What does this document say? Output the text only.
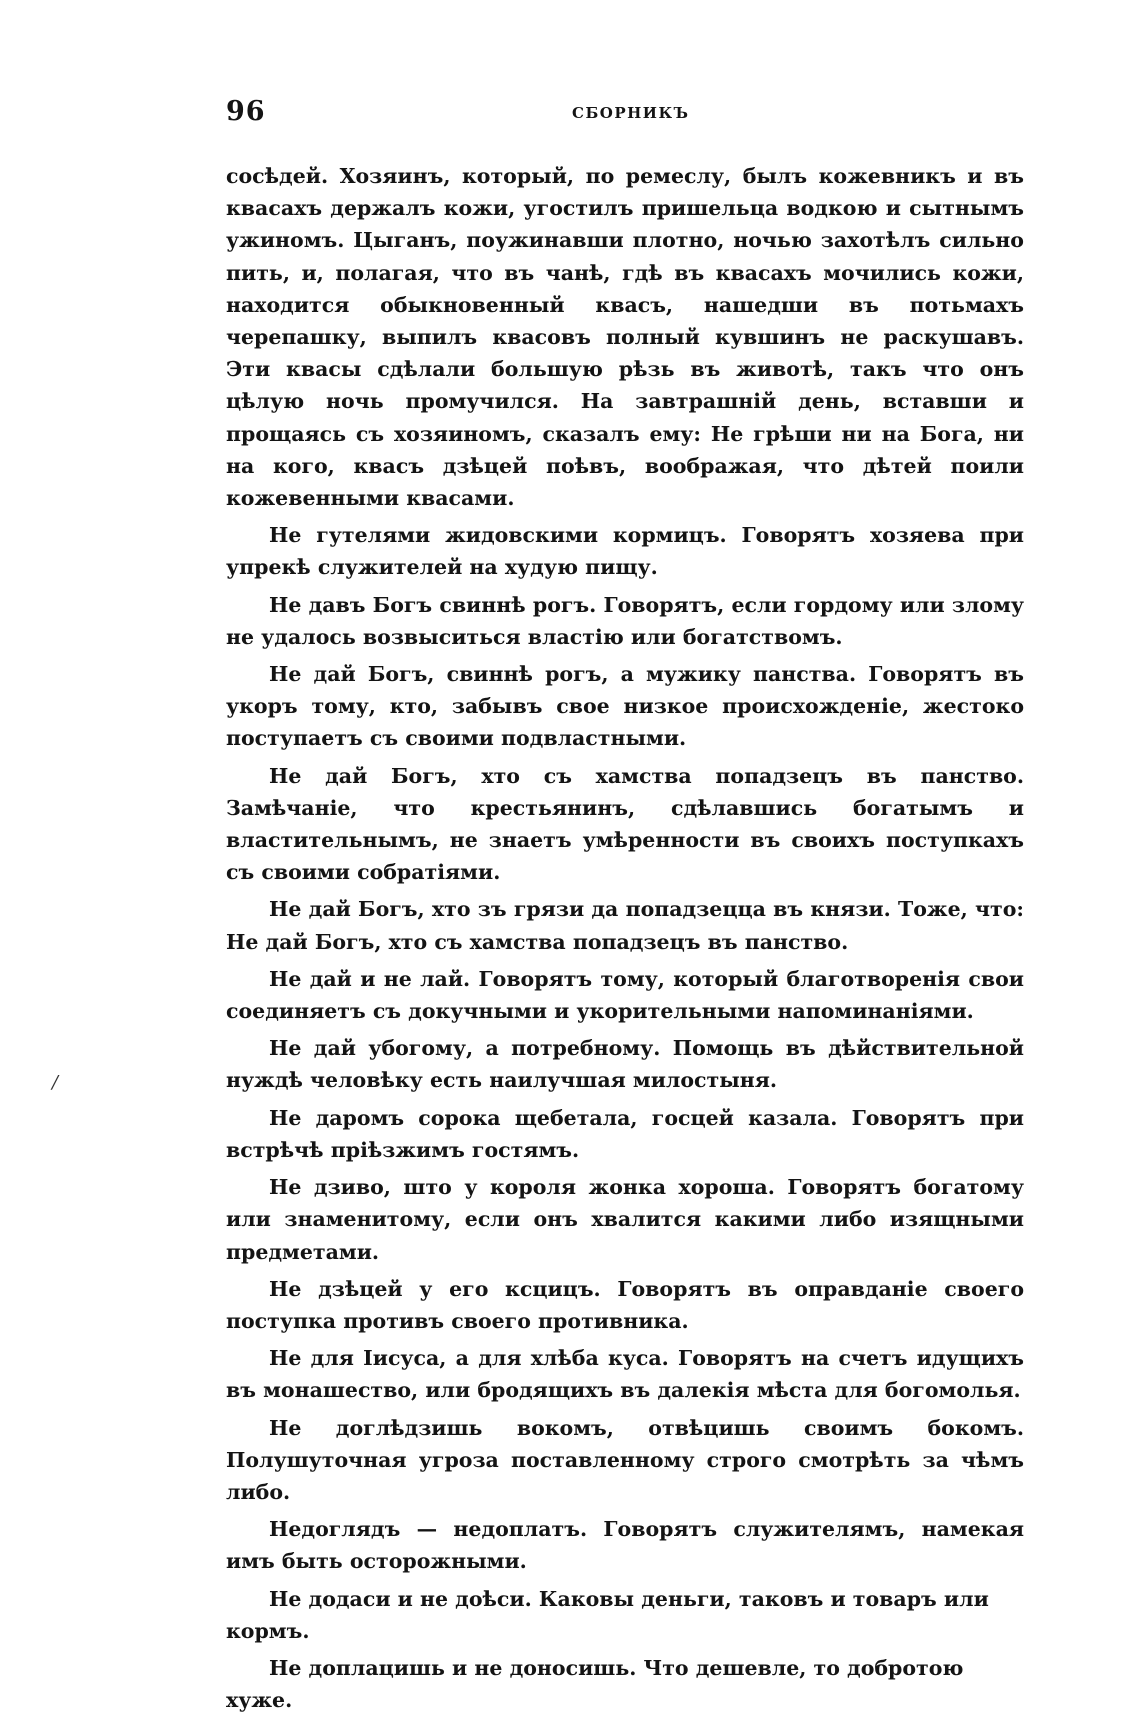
96	СБОРНИКЪ

сосѣдей. Хозяинъ, который, по ремеслу, былъ кожевникъ и въ квасахъ держалъ кожи, угостилъ пришельца водкою и сытнымъ ужиномъ. Цыганъ, поужинавши плотно, ночью захотѣлъ сильно пить, и, полагая, что въ чанѣ, гдѣ въ квасахъ мочились кожи, находится обыкновенный квасъ, нашедши въ потьмахъ черепашку, выпилъ квасовъ полный кувшинъ не раскушавъ. Эти квасы сдѣлали большую рѣзь въ животѣ, такъ что онъ цѣлую ночь промучился. На завтрашній день, вставши и прощаясь съ хозяиномъ, сказалъ ему: Не грѣши ни на Бога, ни на кого, квасъ дзѣцей поѣвъ, воображая, что дѣтей поили кожевенными квасами.

Не гутелями жидовскими кормицъ. Говорятъ хозяева при упрекѣ служителей на худую пищу.

Не давъ Богъ свиннѣ рогъ. Говорятъ, если гордому или злому не удалось возвыситься властію или богатствомъ.

Не дай Богъ, свиннѣ рогъ, а мужику панства. Говорятъ въ укоръ тому, кто, забывъ свое низкое происхожденіе, жестоко поступаетъ съ своими подвластными.

Не дай Богъ, хто съ хамства попадзецъ въ панство. Замѣчаніе, что крестьянинъ, сдѣлавшись богатымъ и властительнымъ, не знаетъ умѣренности въ своихъ поступкахъ съ своими собратіями.

Не дай Богъ, хто зъ грязи да попадзецца въ князи. Тоже, что: Не дай Богъ, хто съ хамства попадзецъ въ панство.

Не дай и не лай. Говорятъ тому, который благотворенія свои соединяетъ съ докучными и укорительными напоминаніями.

Не дай убогому, а потребному. Помощь въ дѣйствительной нуждѣ человѣку есть наилучшая милостыня.

Не даромъ сорока щебетала, госцей казала. Говорятъ при встрѣчѣ пріѣзжимъ гостямъ.

Не дзиво, што у короля жонка хороша. Говорятъ богатому или знаменитому, если онъ хвалится какими либо изящными предметами.

Не дзѣцей у его ксцицъ. Говорятъ въ оправданіе своего поступка противъ своего противника.

Не для Іисуса, а для хлѣба куса. Говорятъ на счетъ идущихъ въ монашество, или бродящихъ въ далекія мѣста для богомолья.

Не доглѣдзишь вокомъ, отвѣцишь своимъ бокомъ. Полушуточная угроза поставленному строго смотрѣть за чѣмъ либо.

Недоглядъ — недоплатъ. Говорятъ служителямъ, намекая имъ быть осторожными.

Не додаси и не доѣси. Каковы деньги, таковъ и товаръ или кормъ.

Не доплацишь и не доносишь. Что дешевле, то добротою хуже.

/
